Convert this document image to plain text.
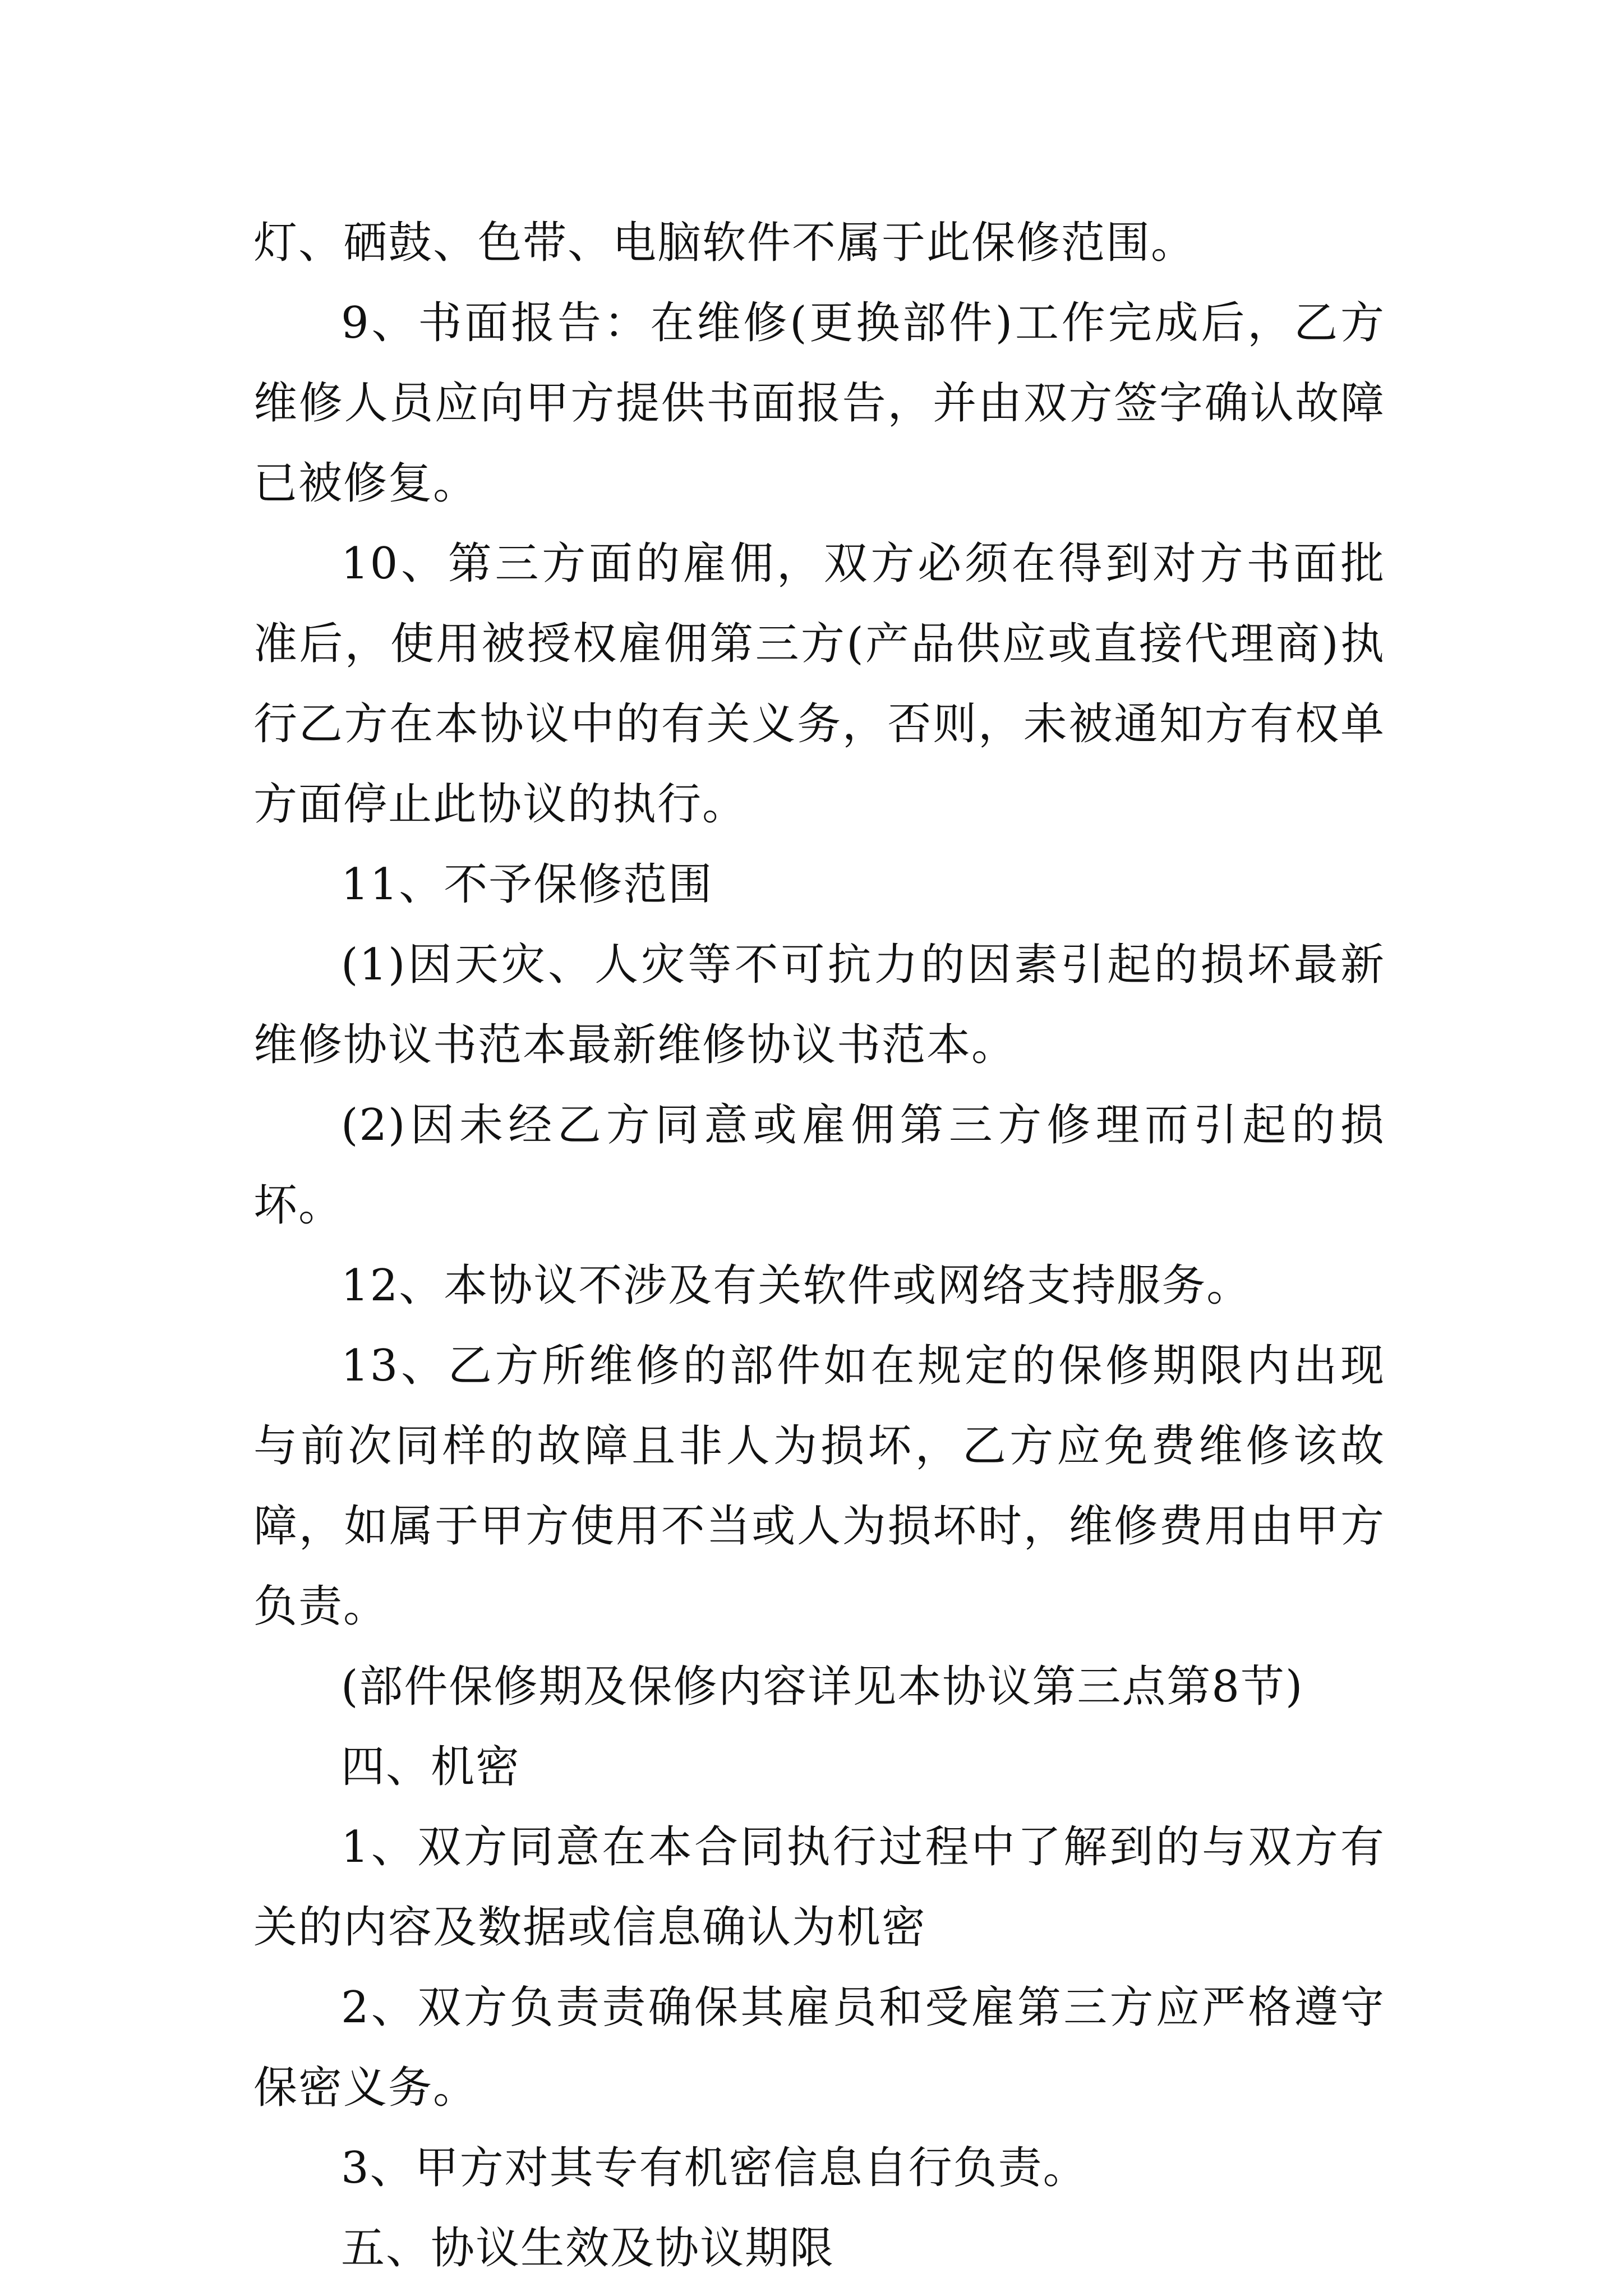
灯、硒鼓、色带、电脑软件不属于此保修范围。

9、书面报告：在维修(更换部件)工作完成后，乙方维修人员应向甲方提供书面报告，并由双方签字确认故障已被修复。

10、第三方面的雇佣，双方必须在得到对方书面批准后，使用被授权雇佣第三方(产品供应或直接代理商)执行乙方在本协议中的有关义务，否则，未被通知方有权单方面停止此协议的执行。

11、不予保修范围

(1)因天灾、人灾等不可抗力的因素引起的损坏最新维修协议书范本最新维修协议书范本。

(2)因未经乙方同意或雇佣第三方修理而引起的损坏。

12、本协议不涉及有关软件或网络支持服务。

13、乙方所维修的部件如在规定的保修期限内出现与前次同样的故障且非人为损坏，乙方应免费维修该故障，如属于甲方使用不当或人为损坏时，维修费用由甲方负责。

(部件保修期及保修内容详见本协议第三点第8节)

四、机密

1、双方同意在本合同执行过程中了解到的与双方有关的内容及数据或信息确认为机密

2、双方负责责确保其雇员和受雇第三方应严格遵守保密义务。

3、甲方对其专有机密信息自行负责。

五、协议生效及协议期限
